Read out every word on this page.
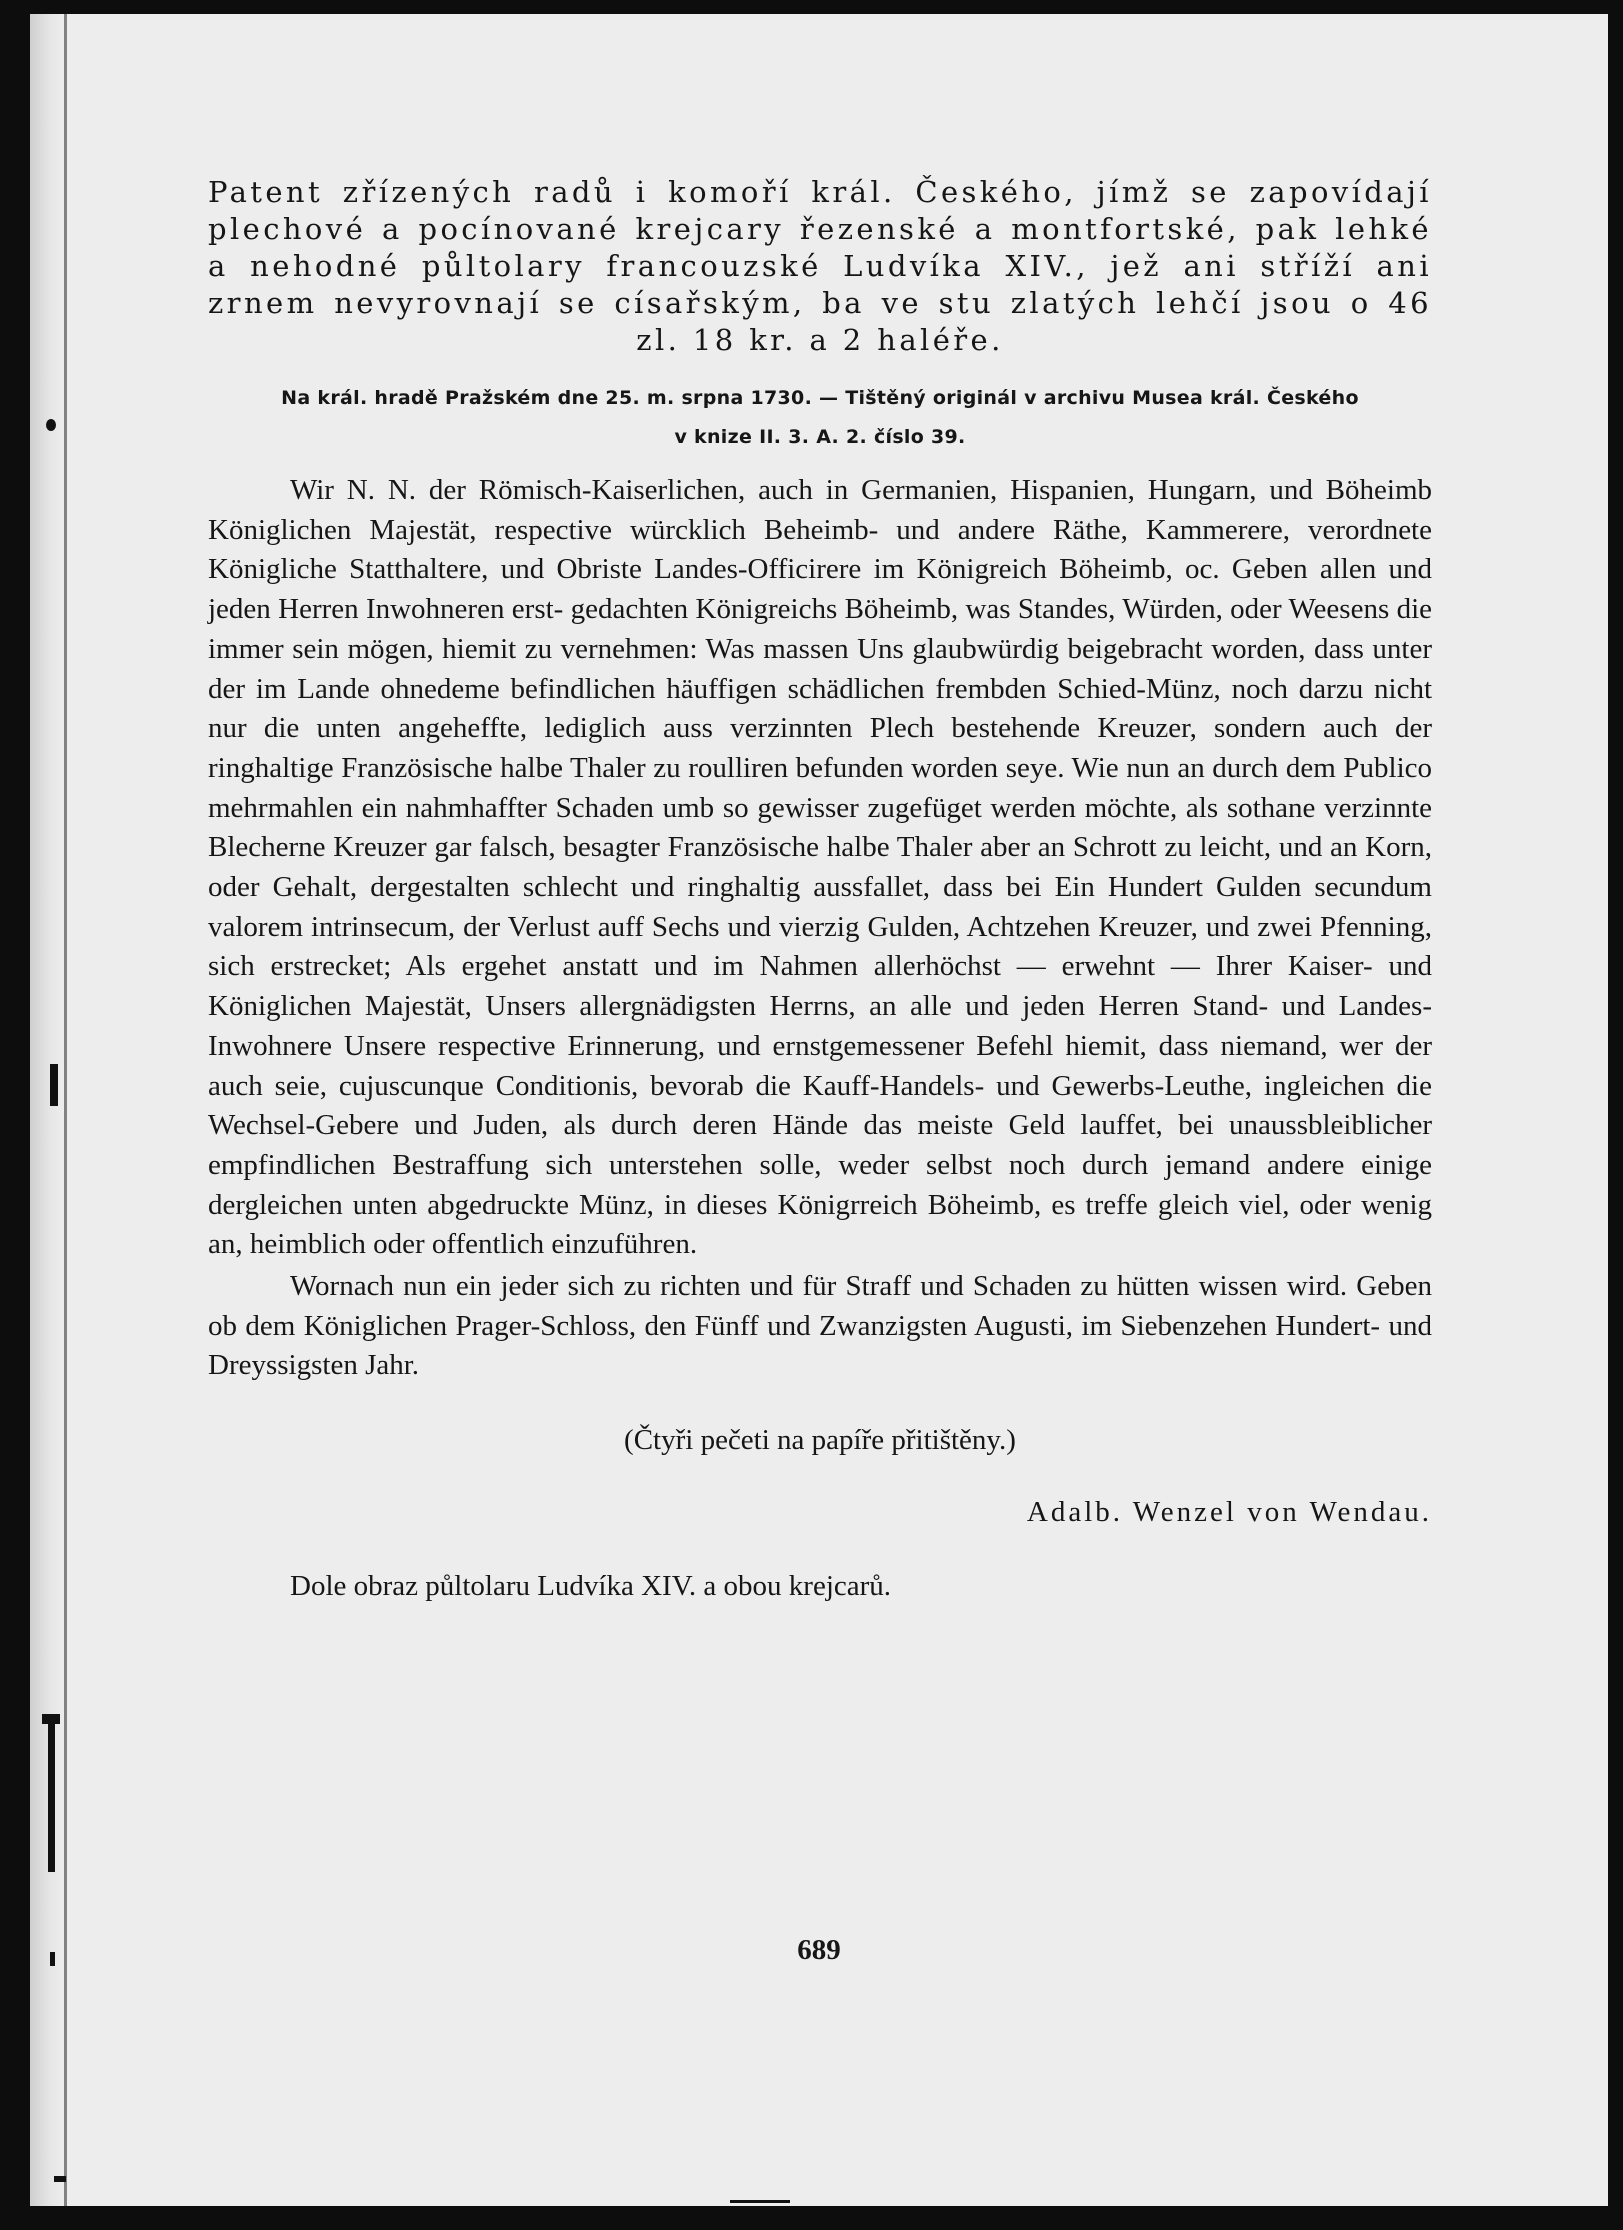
Patent zřízených radů i komoří král. Českého, jímž se zapovídají plechové a pocínované krejcary řezenské a montfortské, pak lehké a nehodné půltolary francouzské Ludvíka XIV., jež ani stříží ani zrnem nevyrovnají se císařským, ba ve stu zlatých lehčí jsou o 46 zl. 18 kr. a 2 haléře.

Na král. hradě Pražském dne 25. m. srpna 1730. — Tištěný originál v archivu Musea král. Českého
v knize II. 3. A. 2. číslo 39.

Wir N. N. der Römisch-Kaiserlichen, auch in Germanien, Hispanien, Hungarn, und Böheimb Königlichen Majestät, respective würcklich Beheimb- und andere Räthe, Kammerere, verordnete Königliche Statthaltere, und Obriste Landes-Officirere im Königreich Böheimb, oc. Geben allen und jeden Herren Inwohneren erst- gedachten Königreichs Böheimb, was Standes, Würden, oder Weesens die immer sein mögen, hiemit zu vernehmen: Was massen Uns glaubwürdig beigebracht worden, dass unter der im Lande ohnedeme befindlichen häuffigen schädlichen frembden Schied-Münz, noch darzu nicht nur die unten angeheffte, lediglich auss verzinnten Plech bestehende Kreuzer, sondern auch der ringhaltige Französische halbe Thaler zu roulliren befunden worden seye. Wie nun an durch dem Publico mehrmahlen ein nahmhaffter Schaden umb so gewisser zugefüget werden möchte, als sothane verzinnte Blecherne Kreuzer gar falsch, besagter Französische halbe Thaler aber an Schrott zu leicht, und an Korn, oder Gehalt, dergestalten schlecht und ringhaltig aussfallet, dass bei Ein Hundert Gulden secundum valorem intrinsecum, der Verlust auff Sechs und vierzig Gulden, Achtzehen Kreuzer, und zwei Pfenning, sich erstrecket; Als ergehet anstatt und im Nahmen allerhöchst — erwehnt — Ihrer Kaiser- und Königlichen Majestät, Unsers allergnädigsten Herrns, an alle und jeden Herren Stand- und Landes-Inwohnere Unsere respective Erinnerung, und ernstgemessener Befehl hiemit, dass niemand, wer der auch seie, cujuscunque Conditionis, bevorab die Kauff-Handels- und Gewerbs-Leuthe, ingleichen die Wechsel-Gebere und Juden, als durch deren Hände das meiste Geld lauffet, bei unaussbleiblicher empfindlichen Bestraffung sich unterstehen solle, weder selbst noch durch jemand andere einige dergleichen unten abgedruckte Münz, in dieses Königrreich Böheimb, es treffe gleich viel, oder wenig an, heimblich oder offentlich einzuführen.

Wornach nun ein jeder sich zu richten und für Straff und Schaden zu hütten wissen wird. Geben ob dem Königlichen Prager-Schloss, den Fünff und Zwanzigsten Augusti, im Siebenzehen Hundert- und Dreyssigsten Jahr.

(Čtyři pečeti na papíře přitištěny.)

Adalb. Wenzel von Wendau.

Dole obraz půltolaru Ludvíka XIV. a obou krejcarů.

689
